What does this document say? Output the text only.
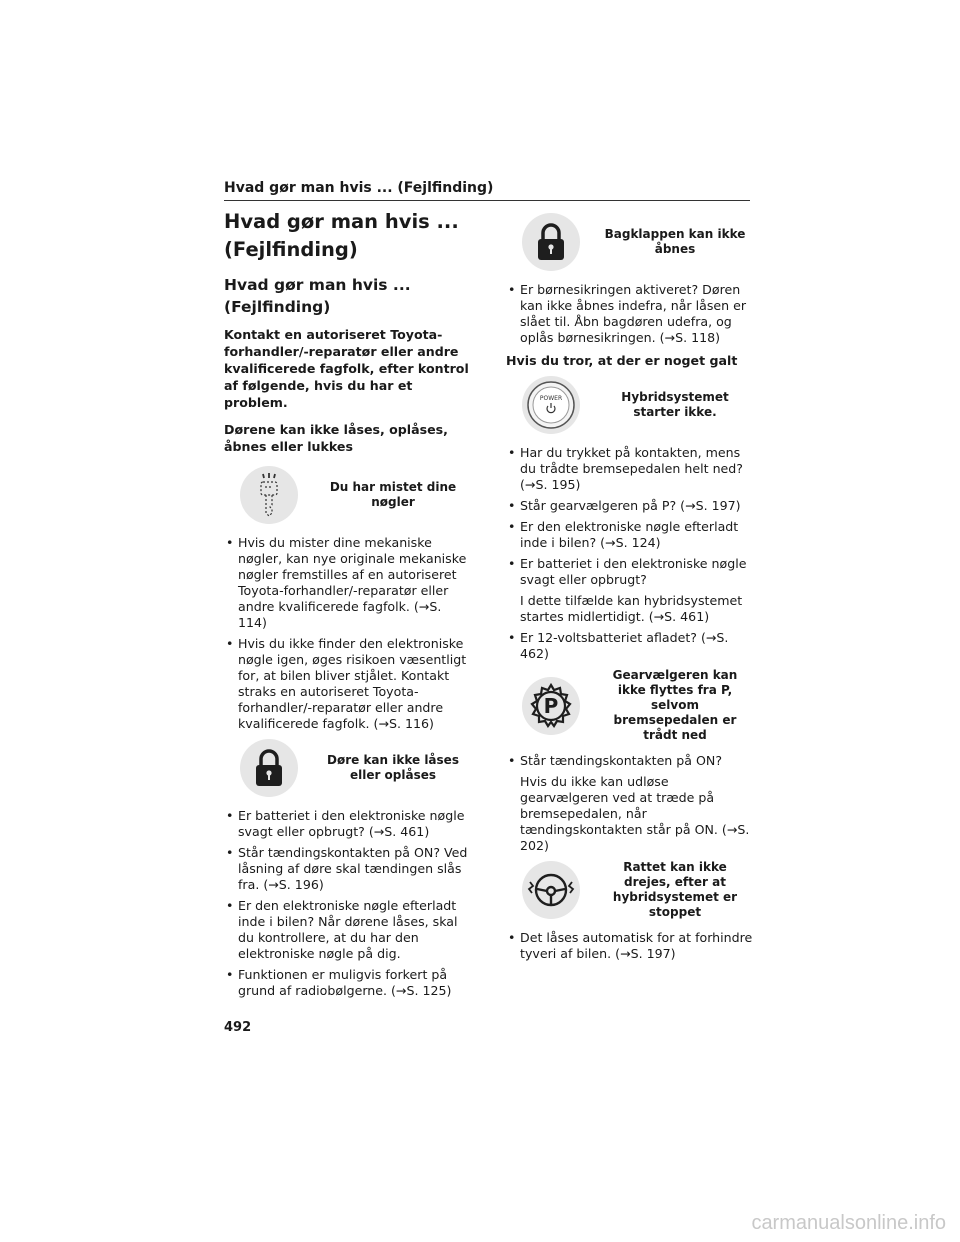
Hvad gør man hvis ... (Fejlfinding)
Hvad gør man hvis ...
(Fejlfinding)
Hvad gør man hvis ... (Fejlfinding)
Kontakt en autoriseret Toyota-forhandler/-reparatør eller andre kvalificerede fagfolk, efter kontrol af følgende, hvis du har et problem.
Dørene kan ikke låses, oplåses, åbnes eller lukkes
Du har mistet dine nøgler
• Hvis du mister dine mekaniske nøgler, kan nye originale mekaniske nøgler fremstilles af en autoriseret Toyota-forhandler/-reparatør eller andre kvalificerede fagfolk. (→S. 114)
• Hvis du ikke finder den elektroniske nøgle igen, øges risikoen væsentligt for, at bilen bliver stjålet. Kontakt straks en autoriseret Toyota-forhandler/-reparatør eller andre kvalificerede fagfolk. (→S. 116)
Døre kan ikke låses eller oplåses
• Er batteriet i den elektroniske nøgle svagt eller opbrugt? (→S. 461)
• Står tændingskontakten på ON? Ved låsning af døre skal tændingen slås fra. (→S. 196)
• Er den elektroniske nøgle efterladt inde i bilen? Når dørene låses, skal du kontrollere, at du har den elektroniske nøgle på dig.
• Funktionen er muligvis forkert på grund af radiobølgerne. (→S. 125)
Bagklappen kan ikke åbnes
• Er børnesikringen aktiveret? Døren kan ikke åbnes indefra, når låsen er slået til. Åbn bagdøren udefra, og oplås børnesikringen. (→S. 118)
Hvis du tror, at der er noget galt
POWER	Hybridsystemet starter ikke.
• Har du trykket på kontakten, mens du trådte bremsepedalen helt ned? (→S. 195)
• Står gearvælgeren på P? (→S. 197)
• Er den elektroniske nøgle efterladt inde i bilen? (→S. 124)
• Er batteriet i den elektroniske nøgle svagt eller opbrugt?
I dette tilfælde kan hybridsystemet startes midlertidigt. (→S. 461)
• Er 12-voltsbatteriet afladet? (→S. 462)
P
Gearvælgeren kan ikke flyttes fra P, selvom bremsepedalen er trådt ned
• Står tændingskontakten på ON?
Hvis du ikke kan udløse gearvælgeren ved at træde på bremsepedalen, når tændingskontakten står på ON. (→S. 202)
Rattet kan ikke drejes, efter at hybridsystemet er stoppet
• Det låses automatisk for at forhindre tyveri af bilen. (→S. 197)
492
carmanualsonline.info
